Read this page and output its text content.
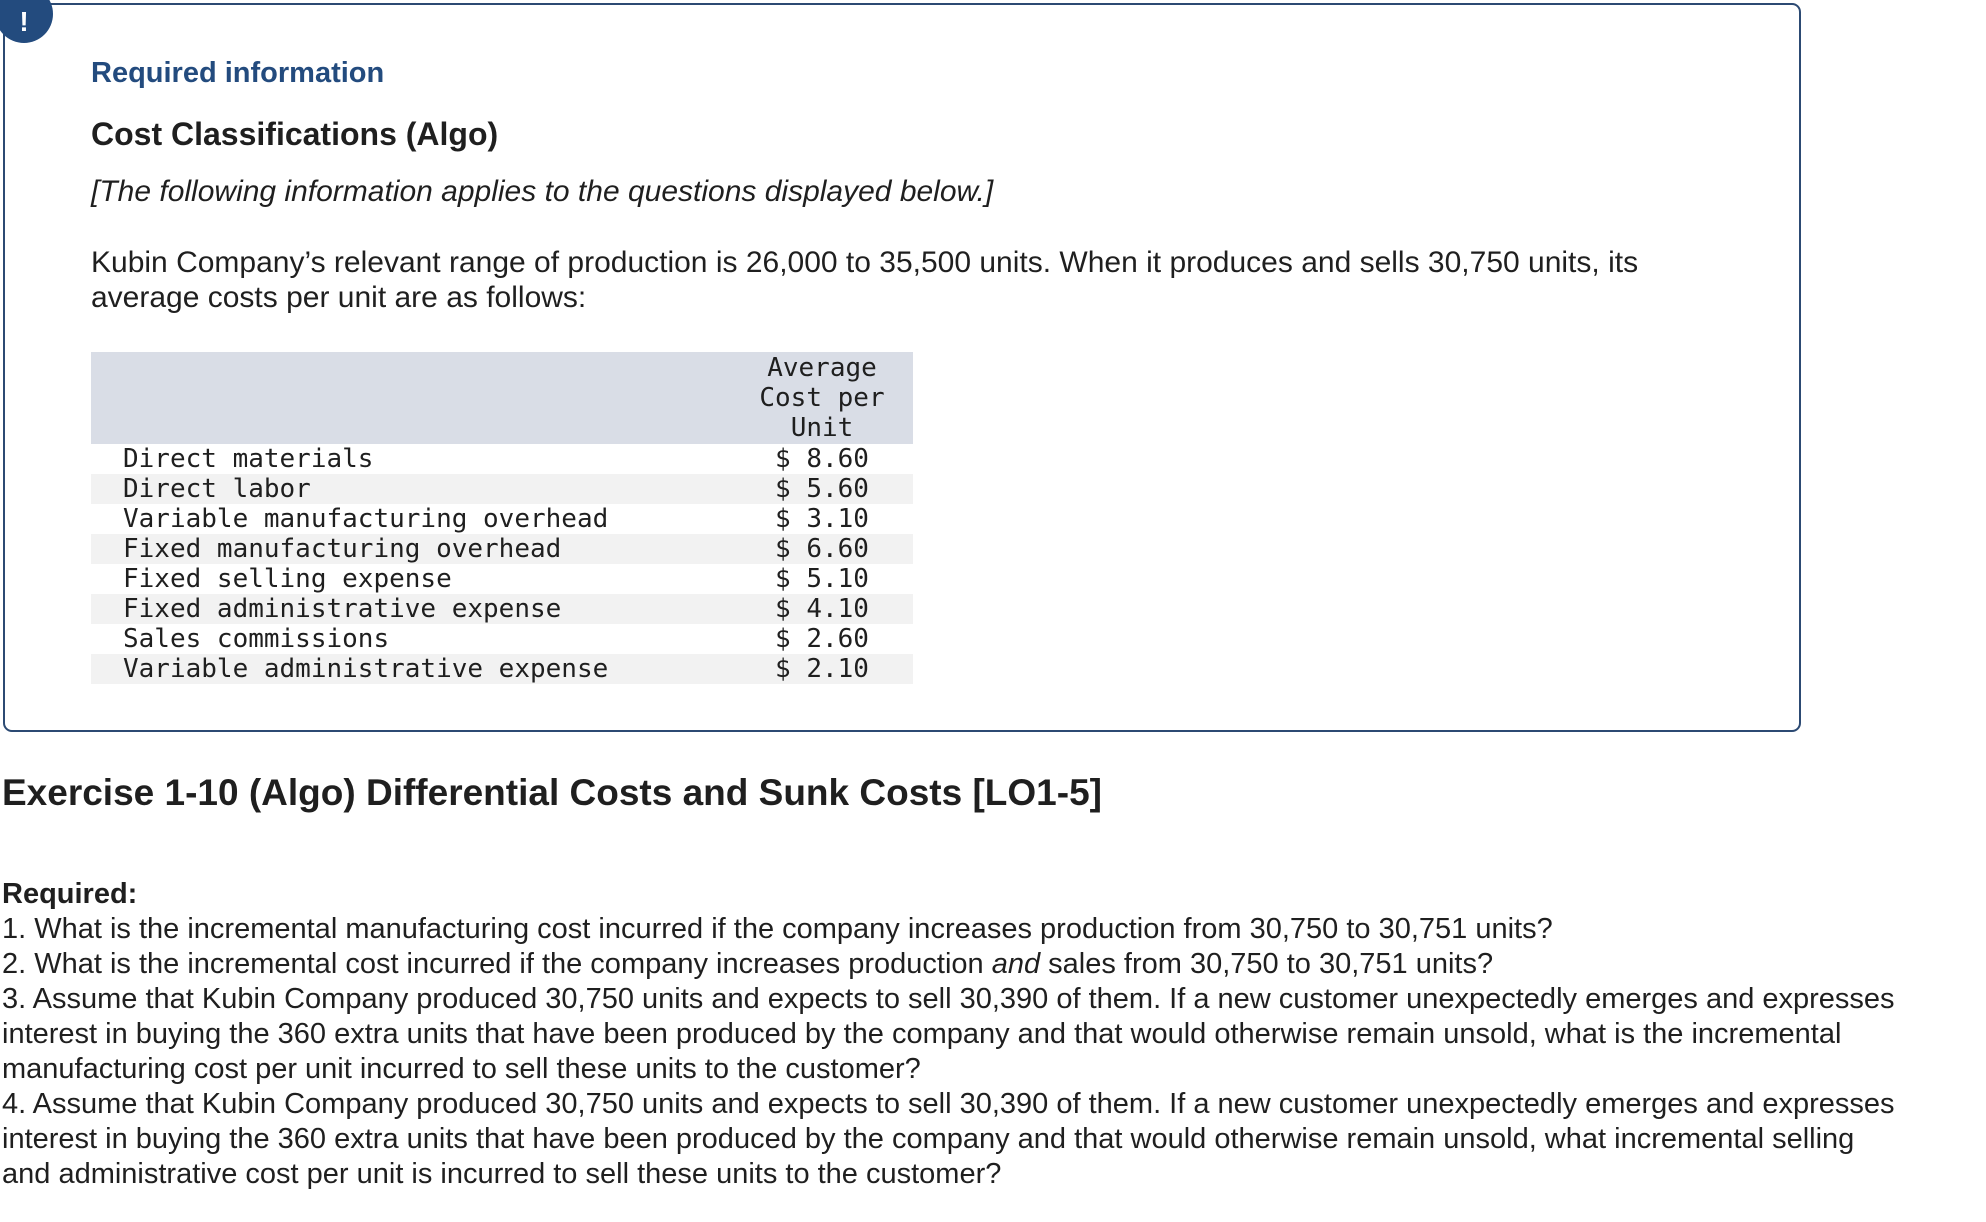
!
Required information
Cost Classifications (Algo)
[The following information applies to the questions displayed below.]
Kubin Company’s relevant range of production is 26,000 to 35,500 units. When it produces and sells 30,750 units, its average costs per unit are as follows:

	Average
Cost per
Unit

Direct materials	$ 8.60
Direct labor	$ 5.60
Variable manufacturing overhead	$ 3.10
Fixed manufacturing overhead	$ 6.60
Fixed selling expense	$ 5.10
Fixed administrative expense	$ 4.10
Sales commissions	$ 2.60
Variable administrative expense	$ 2.10
Exercise 1-10 (Algo) Differential Costs and Sunk Costs [LO1-5]
Required:

1. What is the incremental manufacturing cost incurred if the company increases production from 30,750 to 30,751 units?

2. What is the incremental cost incurred if the company increases production and sales from 30,750 to 30,751 units?

3. Assume that Kubin Company produced 30,750 units and expects to sell 30,390 of them. If a new customer unexpectedly emerges and expresses interest in buying the 360 extra units that have been produced by the company and that would otherwise remain unsold, what is the incremental manufacturing cost per unit incurred to sell these units to the customer?

4. Assume that Kubin Company produced 30,750 units and expects to sell 30,390 of them. If a new customer unexpectedly emerges and expresses interest in buying the 360 extra units that have been produced by the company and that would otherwise remain unsold, what incremental selling and administrative cost per unit is incurred to sell these units to the customer?
